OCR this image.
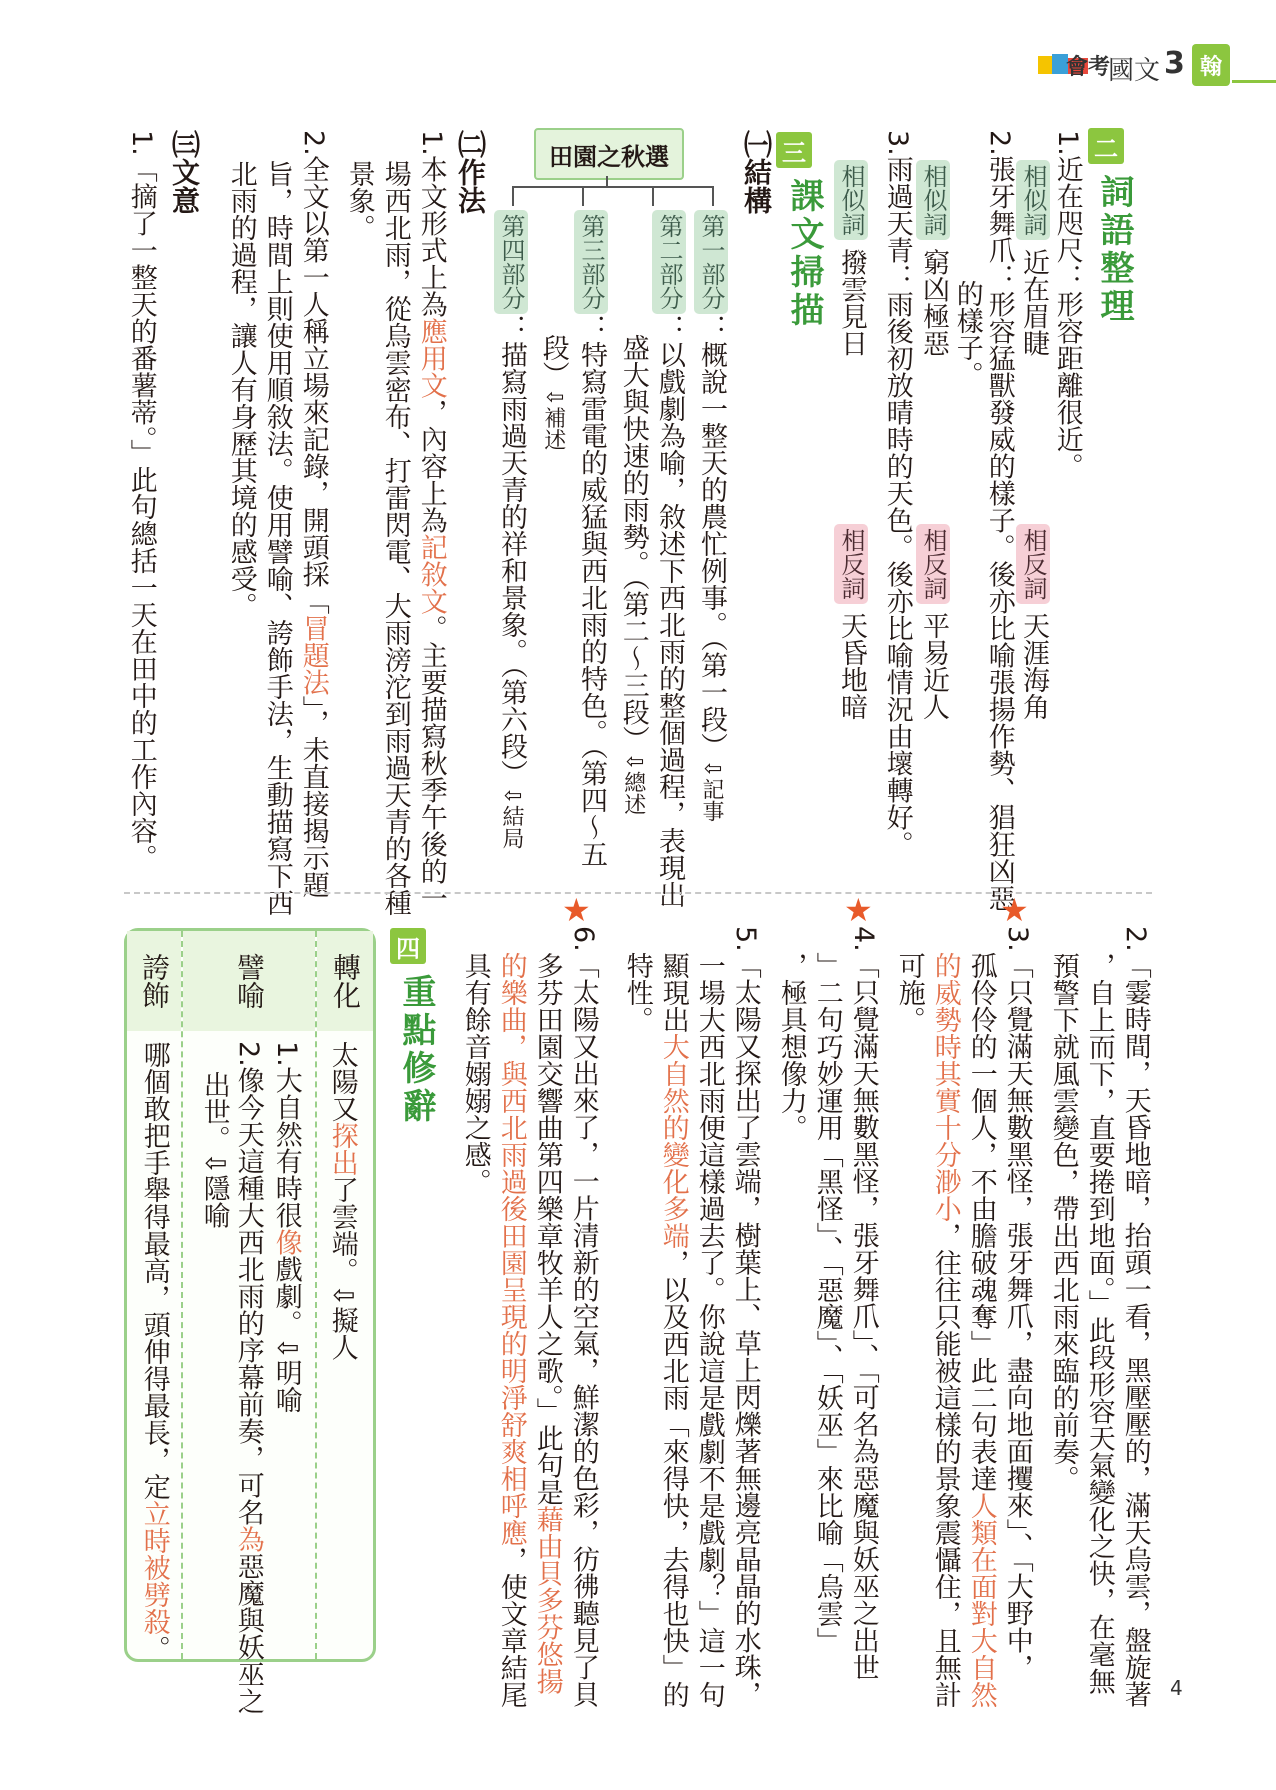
會考
國文 3 翰
二
詞語整理
1.近在咫尺：形容距離很近。
相似詞 近在眉睫  相反詞 天涯海角
2.張牙舞爪：形容猛獸發威的樣子。後亦比喻張揚作勢、猖狂凶惡
的樣子。
相似詞 窮凶極惡  相反詞 平易近人
3.雨過天青：雨後初放晴時的天色。後亦比喻情況由壞轉好。
相似詞 撥雲見日  相反詞 天昏地暗
三
課文掃描
㈠結構
田園之秋選
第一部分：概說一整天的農忙例事。（第一段）⇩記事
第二部分：以戲劇為喻，敘述下西北雨的整個過程，表現出
盛大與快速的雨勢。（第二～三段）⇩總述
第三部分：特寫雷電的威猛與西北雨的特色。（第四～五
段）⇩補述
第四部分：描寫雨過天青的祥和景象。（第六段）⇩結局
㈡作法
1.本文形式上為應用文，內容上為記敘文。主要描寫秋季午後的一
場西北雨，從烏雲密布、打雷閃電、大雨滂沱到雨過天青的各種
景象。
2.全文以第一人稱立場來記錄，開頭採「冒題法」，未直接揭示題
旨，時間上則使用順敘法。使用譬喻、誇飾手法，生動描寫下西
北雨的過程，讓人有身歷其境的感受。
㈢文意
1.「摘了一整天的番薯蒂。」此句總括一天在田中的工作內容。
2.「霎時間，天昏地暗，抬頭一看，黑壓壓的，滿天烏雲，盤旋著
，自上而下，直要捲到地面。」此段形容天氣變化之快，在毫無
預警下就風雲變色，帶出西北雨來臨的前奏。
★
3.「只覺滿天無數黑怪，張牙舞爪，盡向地面攫來」、「大野中，
孤伶伶的一個人，不由膽破魂奪」此二句表達人類在面對大自然
的威勢時其實十分渺小，往往只能被這樣的景象震懾住，且無計
可施。
★
4.「只覺滿天無數黑怪，張牙舞爪」、「可名為惡魔與妖巫之出世
」二句巧妙運用「黑怪」、「惡魔」、「妖巫」來比喻「烏雲」
，極具想像力。
5.「太陽又探出了雲端，樹葉上、草上閃爍著無邊亮晶晶的水珠，
一場大西北雨便這樣過去了。你說這是戲劇不是戲劇？」這一句
顯現出大自然的變化多端，以及西北雨「來得快，去得也快」的
特性。
★
6.「太陽又出來了，一片清新的空氣，鮮潔的色彩，彷彿聽見了貝
多芬田園交響曲第四樂章牧羊人之歌。」此句是藉由貝多芬悠揚
的樂曲，與西北雨過後田園呈現的明淨舒爽相呼應，使文章結尾
具有餘音嫋嫋之感。
四
重點修辭
轉化
太陽又探出了雲端。⇩擬人
譬喻
1.大自然有時很像戲劇。⇩明喻
2.像今天這種大西北雨的序幕前奏，可名為惡魔與妖巫之
出世。⇩隱喻
誇飾
哪個敢把手舉得最高，頭伸得最長，定立時被劈殺。
4
